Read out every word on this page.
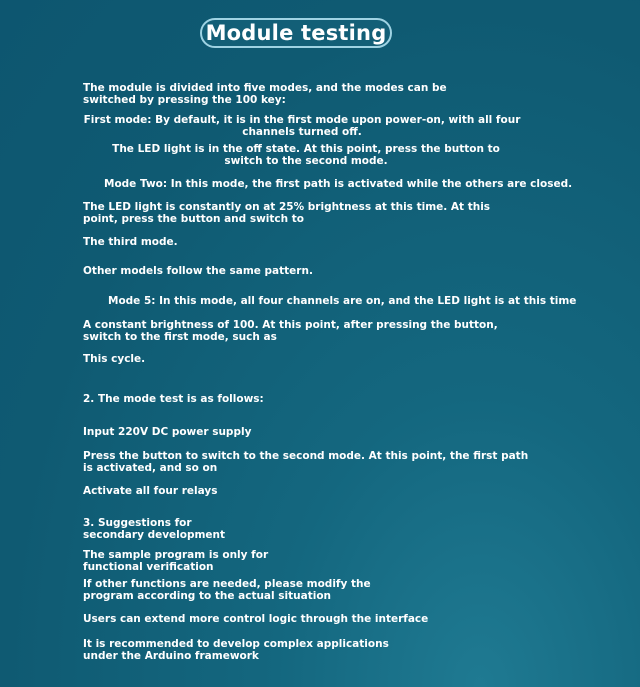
Module testing
The module is divided into five modes, and the modes can be switched by pressing the 100 key:
First mode: By default, it is in the first mode upon power-on, with all four channels turned off.
The LED light is in the off state. At this point, press the button to switch to the second mode.
Mode Two: In this mode, the first path is activated while the others are closed.
The LED light is constantly on at 25% brightness at this time. At this point, press the button and switch to
The third mode.
Other models follow the same pattern.
Mode 5: In this mode, all four channels are on, and the LED light is at this time
A constant brightness of 100. At this point, after pressing the button, switch to the first mode, such as
This cycle.
2. The mode test is as follows:
Input 220V DC power supply
Press the button to switch to the second mode. At this point, the first path is activated, and so on
Activate all four relays
3. Suggestions for secondary development
The sample program is only for functional verification
If other functions are needed, please modify the program according to the actual situation
Users can extend more control logic through the interface
It is recommended to develop complex applications under the Arduino framework
